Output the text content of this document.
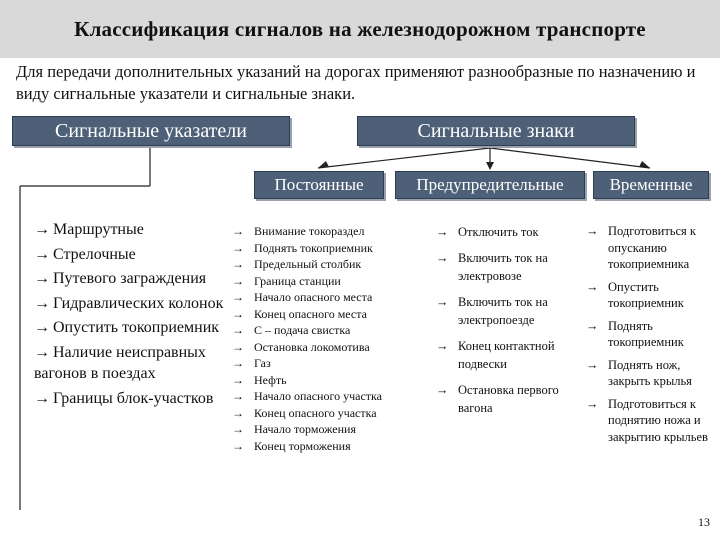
Классификация сигналов на железнодорожном транспорте
Для передачи дополнительных указаний на дорогах применяют разнообразные по назначению и виду сигнальные указатели и сигнальные знаки.
Сигнальные указатели	Сигнальные знаки
Постоянные	Предупредительные	Временные
→ Маршрутные
→ Стрелочные
→ Путевого заграждения
→ Гидравлических колонок
→ Опустить токоприемник
→ Наличие неисправных вагонов в поездах
→ Границы блок-участков
→ Внимание токораздел
→ Поднять токоприемник
→ Предельный столбик
→ Граница станции
→ Начало опасного места
→ Конец опасного места
→ С – подача свистка
→ Остановка локомотива
→ Газ
→ Нефть
→ Начало опасного участка
→ Конец опасного участка
→ Начало торможения
→ Конец торможения
→ Отключить ток
→ Включить ток на электровозе
→ Включить ток на электропоезде
→ Конец контактной подвески
→ Остановка первого вагона
→ Подготовиться к опусканию токоприемника
→ Опустить токоприемник
→ Поднять токоприемник
→ Поднять нож, закрыть крылья
→ Подготовиться к поднятию ножа и закрытию крыльев
13
